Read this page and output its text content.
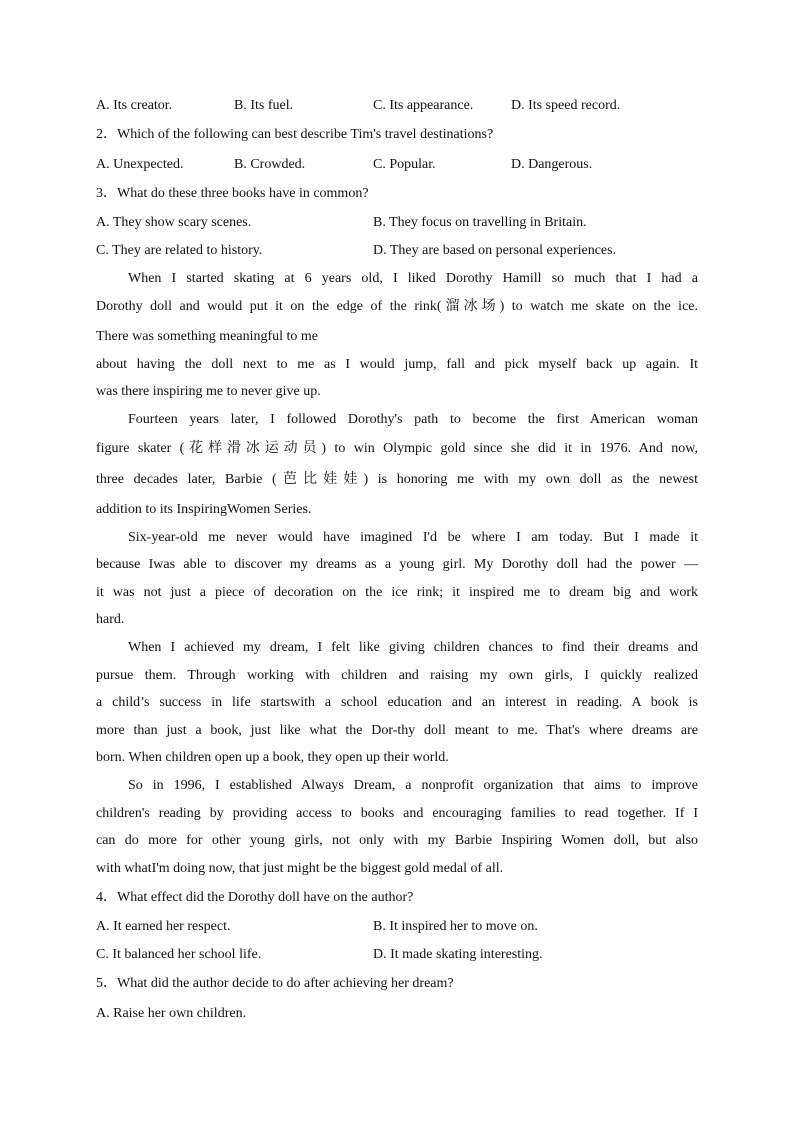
A. Its creator.	B. Its fuel.	C. Its appearance.	D. Its speed record.
2．Which of the following can best describe Tim's travel destinations?
A. Unexpected.	B. Crowded.	C. Popular.	D. Dangerous.
3．What do these three books have in common?
A. They show scary scenes.	B. They focus on travelling in Britain.
C. They are related to history.	D. They are based on personal experiences.
When I started skating at 6 years old, I liked Dorothy Hamill so much that I had a
Dorothy doll and would put it on the edge of the rink(溜冰场) to watch me skate on the ice.
There was something meaningful to me
about having the doll next to me as I would jump, fall and pick myself back up again. It
was there inspiring me to never give up.
Fourteen years later, I followed Dorothy's path to become the first American woman
figure skater (花样滑冰运动员) to win Olympic gold since she did it in 1976. And now,
three decades later, Barbie (芭比娃娃) is honoring me with my own doll as the newest
addition to its InspiringWomen Series.
Six-year-old me never would have imagined I'd be where I am today. But I made it
because Iwas able to discover my dreams as a young girl. My Dorothy doll had the power —
it was not just a piece of decoration on the ice rink; it inspired me to dream big and work
hard.
When I achieved my dream, I felt like giving children chances to find their dreams and
pursue them. Through working with children and raising my own girls, I quickly realized
a child’s success in life startswith a school education and an interest in reading. A book is
more than just a book, just like what the Dor-thy doll meant to me. That's where dreams are
born. When children open up a book, they open up their world.
So in 1996, I established Always Dream, a nonprofit organization that aims to improve
children's reading by providing access to books and encouraging families to read together. If I
can do more for other young girls, not only with my Barbie Inspiring Women doll, but also
with whatI'm doing now, that just might be the biggest gold medal of all.
4．What effect did the Dorothy doll have on the author?
A. It earned her respect.	B. It inspired her to move on.
C. It balanced her school life.	D. It made skating interesting.
5．What did the author decide to do after achieving her dream?
A. Raise her own children.
